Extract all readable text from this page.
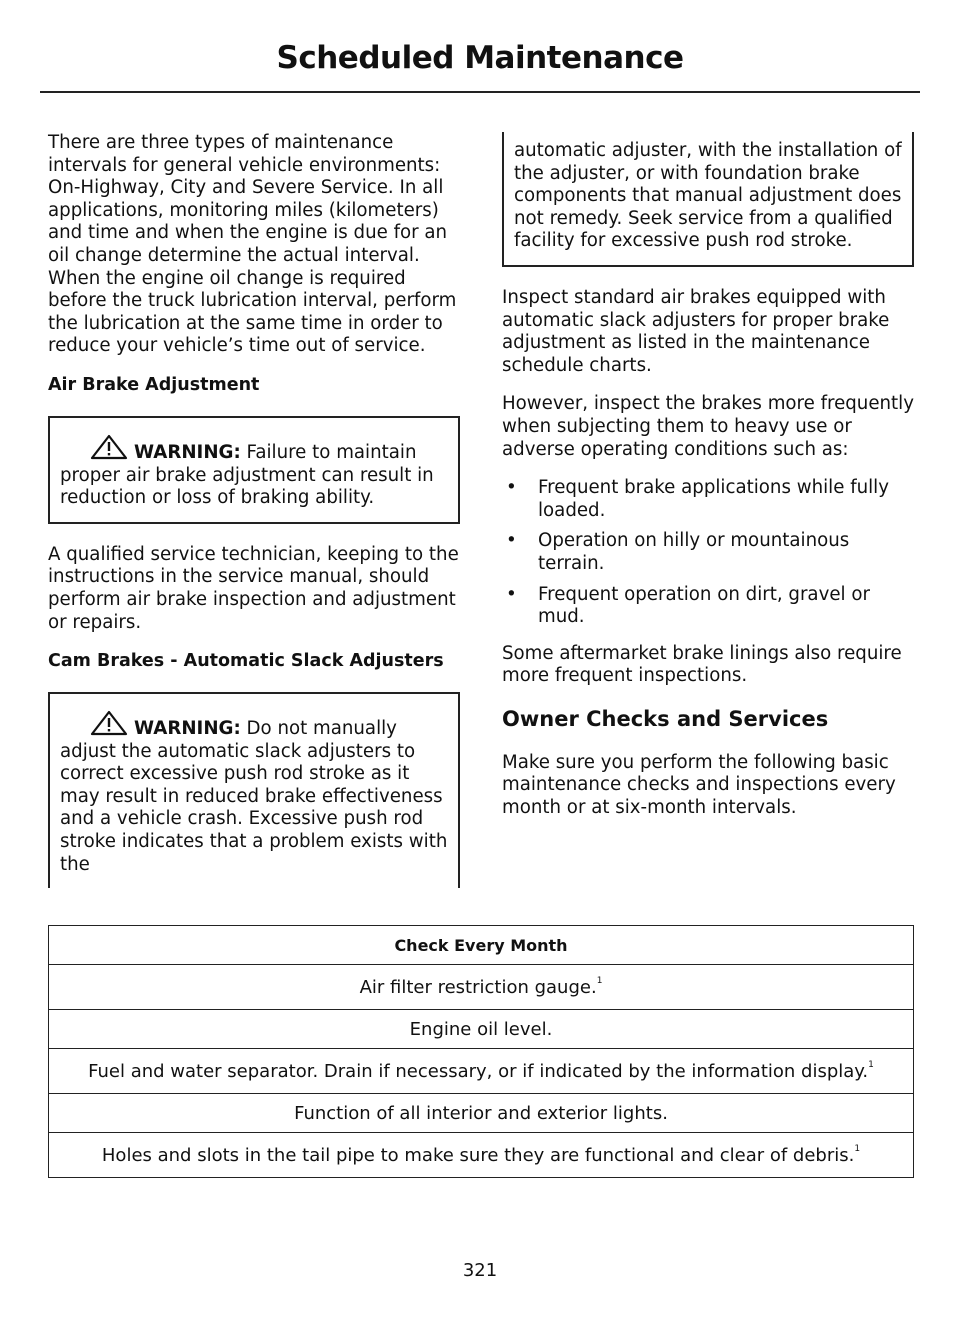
Scheduled Maintenance

There are three types of maintenance intervals for general vehicle environments: On-Highway, City and Severe Service. In all applications, monitoring miles (kilometers) and time and when the engine is due for an oil change determine the actual interval. When the engine oil change is required before the truck lubrication interval, perform the lubrication at the same time in order to reduce your vehicle’s time out of service.

Air Brake Adjustment
WARNING: Failure to maintain proper air brake adjustment can result in reduction or loss of braking ability.

A qualified service technician, keeping to the instructions in the service manual, should perform air brake inspection and adjustment or repairs.

Cam Brakes - Automatic Slack Adjusters
WARNING: Do not manually adjust the automatic slack adjusters to correct excessive push rod stroke as it may result in reduced brake effectiveness and a vehicle crash. Excessive push rod stroke indicates that a problem exists with the
automatic adjuster, with the installation of the adjuster, or with foundation brake components that manual adjustment does not remedy. Seek service from a qualified facility for excessive push rod stroke.

Inspect standard air brakes equipped with automatic slack adjusters for proper brake adjustment as listed in the maintenance schedule charts.

However, inspect the brakes more frequently when subjecting them to heavy use or adverse operating conditions such as:

• Frequent brake applications while fully loaded.
• Operation on hilly or mountainous terrain.
• Frequent operation on dirt, gravel or mud.

Some aftermarket brake linings also require more frequent inspections.

Owner Checks and Services

Make sure you perform the following basic maintenance checks and inspections every month or at six-month intervals.

Check Every Month
Air filter restriction gauge.$^1$
Engine oil level.
Fuel and water separator. Drain if necessary, or if indicated by the information display.$^1$
Function of all interior and exterior lights.
Holes and slots in the tail pipe to make sure they are functional and clear of debris.$^1$
321
